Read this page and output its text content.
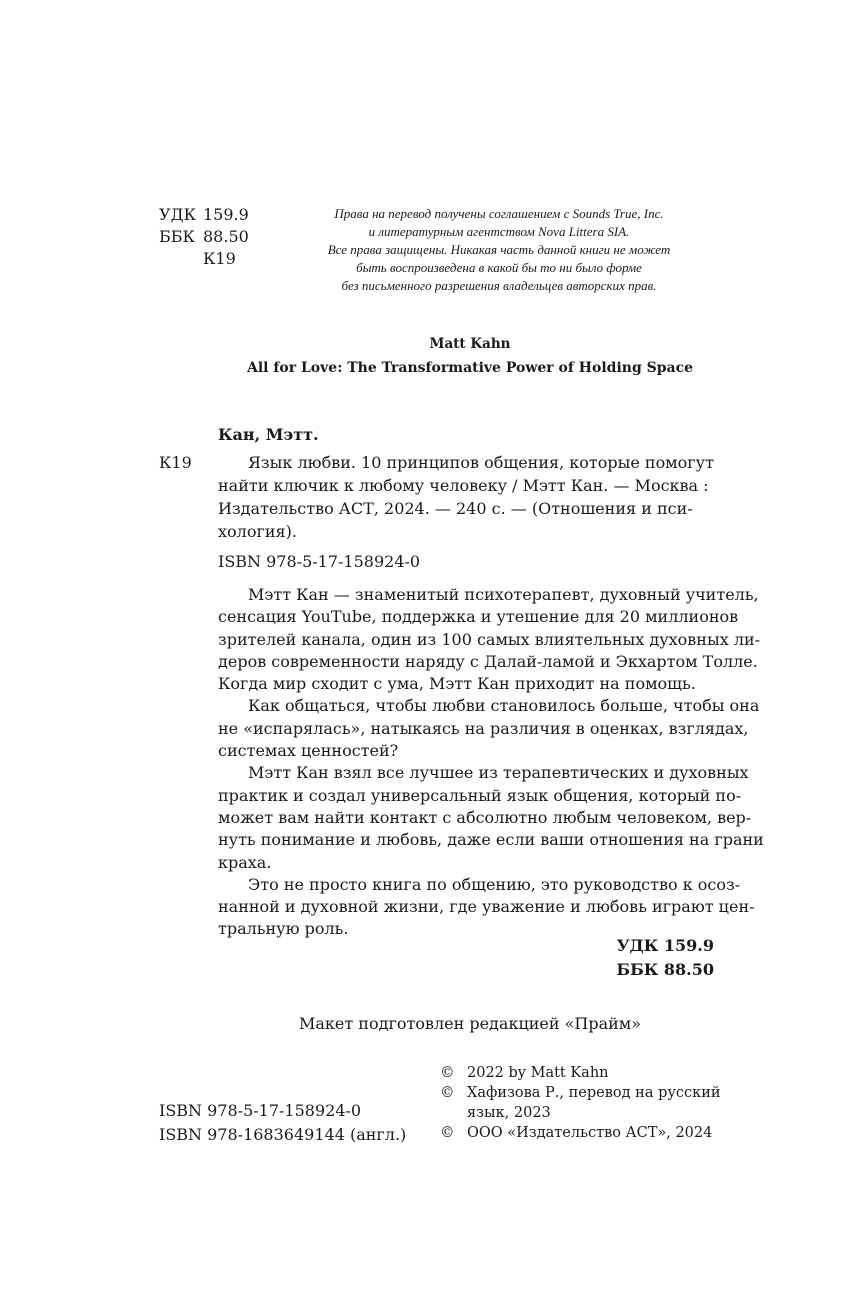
УДК 159.9
ББК 88.50
К19
Права на перевод получены соглашением с Sounds True, Inc.
и литературным агентством Nova Littera SIA.
Все права защищены. Никакая часть данной книги не может
быть воспроизведена в какой бы то ни было форме
без письменного разрешения владельцев авторских прав.
Matt Kahn
All for Love: The Transformative Power of Holding Space
Кан, Мэтт.
К19	Язык любви. 10 принципов общения, которые помогут
найти ключик к любому человеку / Мэтт Кан. — Москва :
Издательство АСТ, 2024. — 240 с. — (Отношения и пси-
хология).
ISBN 978-5-17-158924-0
Мэтт Кан — знаменитый психотерапевт, духовный учитель,
сенсация YouTube, поддержка и утешение для 20 миллионов
зрителей канала, один из 100 самых влиятельных духовных ли-
деров современности наряду с Далай-ламой и Экхартом Толле.
Когда мир сходит с ума, Мэтт Кан приходит на помощь.
Как общаться, чтобы любви становилось больше, чтобы она
не «испарялась», натыкаясь на различия в оценках, взглядах,
системах ценностей?
Мэтт Кан взял все лучшее из терапевтических и духовных
практик и создал универсальный язык общения, который по-
может вам найти контакт с абсолютно любым человеком, вер-
нуть понимание и любовь, даже если ваши отношения на грани
краха.
Это не просто книга по общению, это руководство к осоз-
нанной и духовной жизни, где уважение и любовь играют цен-
тральную роль.
УДК 159.9
ББК 88.50
Макет подготовлен редакцией «Прайм»
ISBN 978-5-17-158924-0
ISBN 978-1683649144 (англ.)
© 2022 by Matt Kahn
© Хафизова Р., перевод на русский язык, 2023
© ООО «Издательство АСТ», 2024
